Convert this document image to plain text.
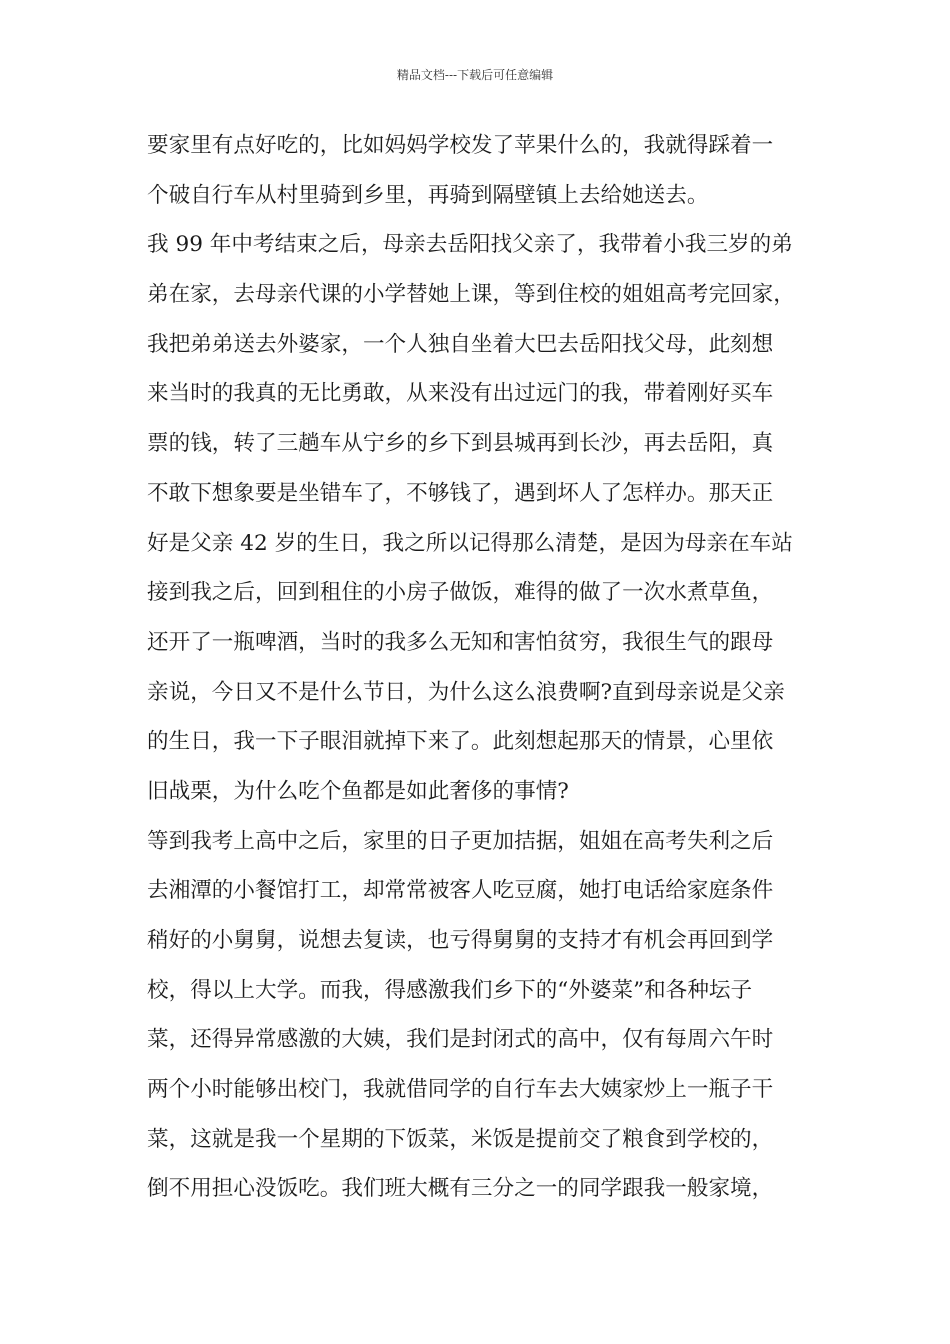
精品文档---下载后可任意编辑
要家里有点好吃的，比如妈妈学校发了苹果什么的，我就得踩着一
个破自行车从村里骑到乡里，再骑到隔壁镇上去给她送去。
我 99 年中考结束之后，母亲去岳阳找父亲了，我带着小我三岁的弟
弟在家，去母亲代课的小学替她上课，等到住校的姐姐高考完回家，
我把弟弟送去外婆家，一个人独自坐着大巴去岳阳找父母，此刻想
来当时的我真的无比勇敢，从来没有出过远门的我，带着刚好买车
票的钱，转了三趟车从宁乡的乡下到县城再到长沙，再去岳阳，真
不敢下想象要是坐错车了，不够钱了，遇到坏人了怎样办。那天正
好是父亲 42 岁的生日，我之所以记得那么清楚，是因为母亲在车站
接到我之后，回到租住的小房子做饭，难得的做了一次水煮草鱼，
还开了一瓶啤酒，当时的我多么无知和害怕贫穷，我很生气的跟母
亲说，今日又不是什么节日，为什么这么浪费啊?直到母亲说是父亲
的生日，我一下子眼泪就掉下来了。此刻想起那天的情景，心里依
旧战栗，为什么吃个鱼都是如此奢侈的事情?
等到我考上高中之后，家里的日子更加拮据，姐姐在高考失利之后
去湘潭的小餐馆打工，却常常被客人吃豆腐，她打电话给家庭条件
稍好的小舅舅，说想去复读，也亏得舅舅的支持才有机会再回到学
校，得以上大学。而我，得感激我们乡下的“外婆菜”和各种坛子
菜，还得异常感激的大姨，我们是封闭式的高中，仅有每周六午时
两个小时能够出校门，我就借同学的自行车去大姨家炒上一瓶子干
菜，这就是我一个星期的下饭菜，米饭是提前交了粮食到学校的，
倒不用担心没饭吃。我们班大概有三分之一的同学跟我一般家境，
